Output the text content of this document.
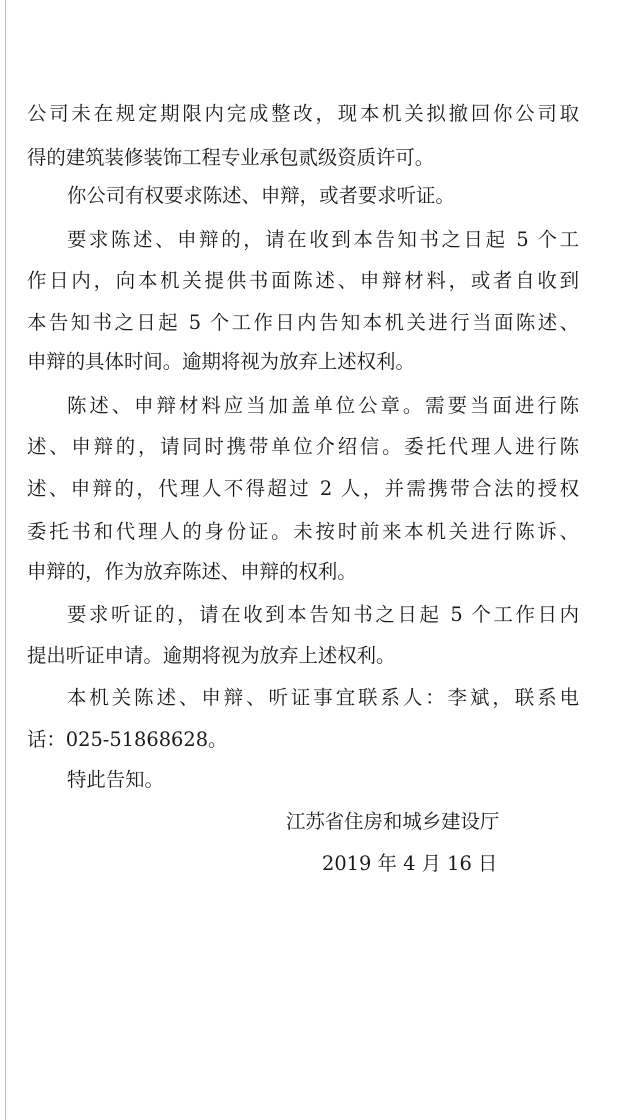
公司未在规定期限内完成整改，现本机关拟撤回你公司取
得的建筑装修装饰工程专业承包贰级资质许可。
你公司有权要求陈述、申辩，或者要求听证。
要求陈述、申辩的，请在收到本告知书之日起 5 个工
作日内，向本机关提供书面陈述、申辩材料，或者自收到
本告知书之日起 5 个工作日内告知本机关进行当面陈述、
申辩的具体时间。逾期将视为放弃上述权利。
陈述、申辩材料应当加盖单位公章。需要当面进行陈
述、申辩的，请同时携带单位介绍信。委托代理人进行陈
述、申辩的，代理人不得超过 2 人，并需携带合法的授权
委托书和代理人的身份证。未按时前来本机关进行陈诉、
申辩的，作为放弃陈述、申辩的权利。
要求听证的，请在收到本告知书之日起 5 个工作日内
提出听证申请。逾期将视为放弃上述权利。
本机关陈述、申辩、听证事宜联系人：李斌，联系电
话：025-51868628。
特此告知。
江苏省住房和城乡建设厅
2019 年 4 月 16 日
